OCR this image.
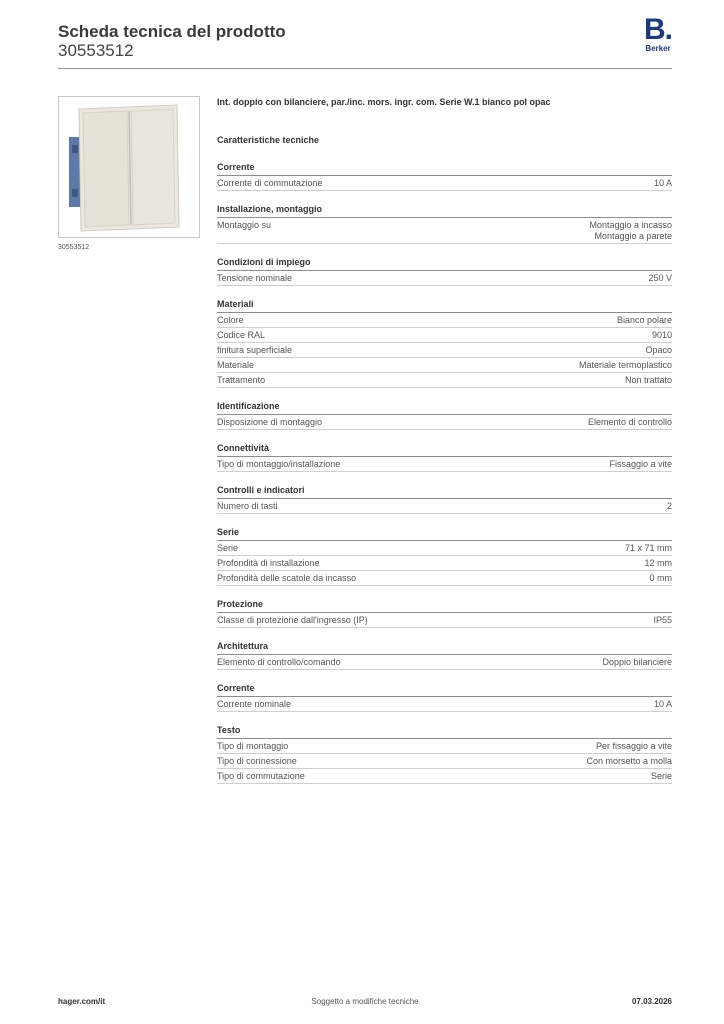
Scheda tecnica del prodotto
30553512
B.
Berker
30553512
Int. doppio con bilanciere, par./inc. mors. ingr. com. Serie W.1 bianco pol opac
Caratteristiche tecniche
Corrente
Corrente di commutazione	10 A
Installazione, montaggio
Montaggio su	Montaggio a incasso
Montaggio a parete
Condizioni di impiego
Tensione nominale	250 V
Materiali
Colore	Bianco polare
Codice RAL	9010
finitura superficiale	Opaco
Materiale	Materiale termoplastico
Trattamento	Non trattato
Identificazione
Disposizione di montaggio	Elemento di controllo
Connettività
Tipo di montaggio/installazione	Fissaggio a vite
Controlli e indicatori
Numero di tasti	2
Serie
Serie	71 x 71 mm
Profondità di installazione	12 mm
Profondità delle scatole da incasso	0 mm
Protezione
Classe di protezione dall'ingresso (IP)	IP55
Architettura
Elemento di controllo/comando	Doppio bilanciere
Corrente
Corrente nominale	10 A
Testo
Tipo di montaggio	Per fissaggio a vite
Tipo di connessione	Con morsetto a molla
Tipo di commutazione	Serie
hager.com/it	Soggetto a modifiche tecniche	07.03.2026
